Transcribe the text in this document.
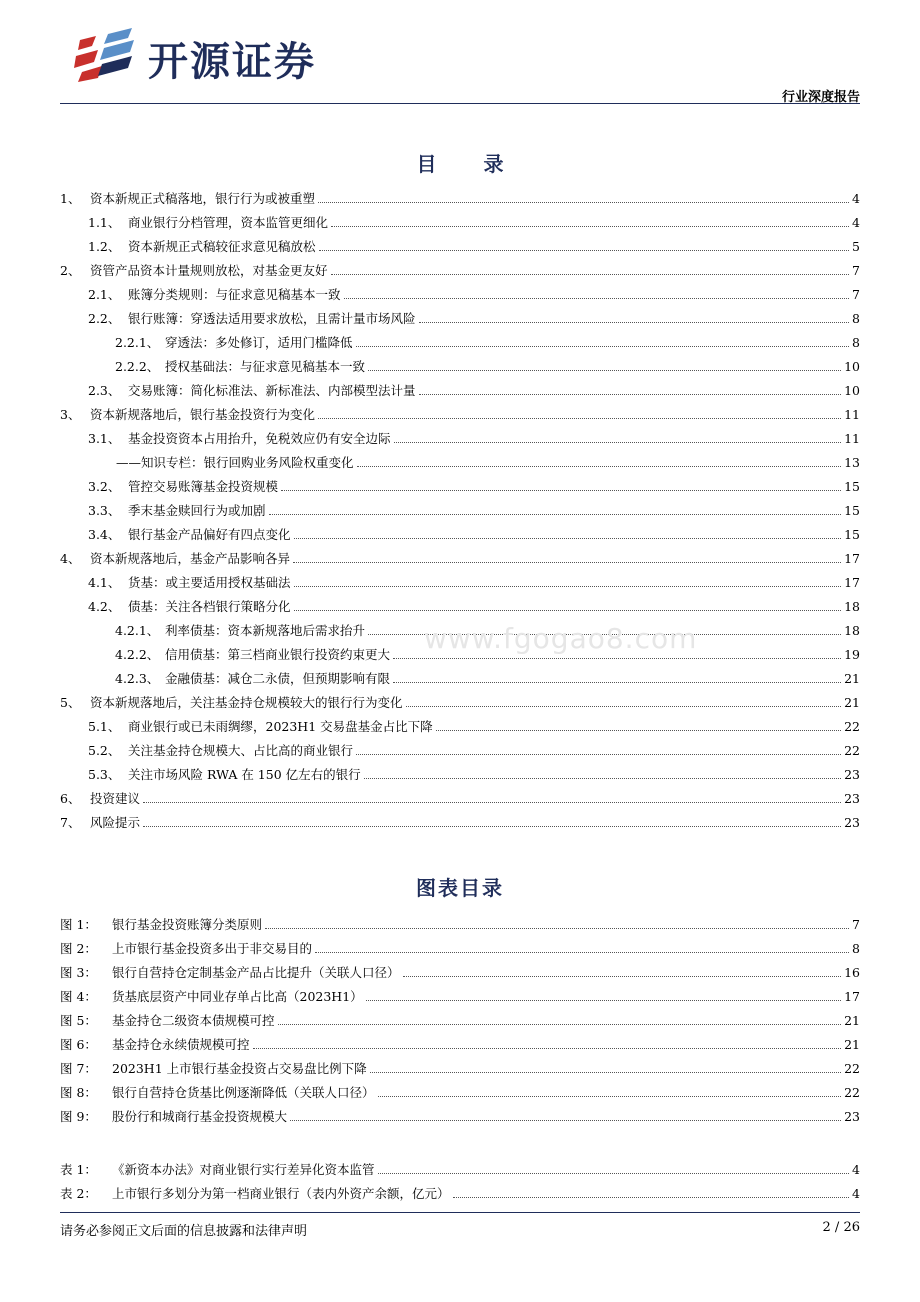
开源证券
行业深度报告
目 录
1、 资本新规正式稿落地，银行行为或被重塑	4
1.1、 商业银行分档管理，资本监管更细化	4
1.2、 资本新规正式稿较征求意见稿放松	5
2、 资管产品资本计量规则放松，对基金更友好	7
2.1、 账簿分类规则：与征求意见稿基本一致	7
2.2、 银行账簿：穿透法适用要求放松，且需计量市场风险	8
2.2.1、 穿透法：多处修订，适用门槛降低	8
2.2.2、 授权基础法：与征求意见稿基本一致	10
2.3、 交易账簿：简化标准法、新标准法、内部模型法计量	10
3、 资本新规落地后，银行基金投资行为变化	11
3.1、 基金投资资本占用抬升，免税效应仍有安全边际	11
——知识专栏：银行回购业务风险权重变化	13
3.2、 管控交易账簿基金投资规模	15
3.3、 季末基金赎回行为或加剧	15
3.4、 银行基金产品偏好有四点变化	15
4、 资本新规落地后，基金产品影响各异	17
4.1、 货基：或主要适用授权基础法	17
4.2、 债基：关注各档银行策略分化	18
4.2.1、 利率债基：资本新规落地后需求抬升	18
4.2.2、 信用债基：第三档商业银行投资约束更大	19
4.2.3、 金融债基：减仓二永债，但预期影响有限	21
5、 资本新规落地后，关注基金持仓规模较大的银行行为变化	21
5.1、 商业银行或已未雨绸缪，2023H1 交易盘基金占比下降	22
5.2、 关注基金持仓规模大、占比高的商业银行	22
5.3、 关注市场风险 RWA 在 150 亿左右的银行	23
6、 投资建议	23
7、 风险提示	23
www.fgogao8.com
图表目录
图 1：	银行基金投资账簿分类原则	7
图 2：	上市银行基金投资多出于非交易目的	8
图 3：	银行自营持仓定制基金产品占比提升（关联人口径）	16
图 4：	货基底层资产中同业存单占比高（2023H1）	17
图 5：	基金持仓二级资本债规模可控	21
图 6：	基金持仓永续债规模可控	21
图 7：	2023H1 上市银行基金投资占交易盘比例下降	22
图 8：	银行自营持仓货基比例逐渐降低（关联人口径）	22
图 9：	股份行和城商行基金投资规模大	23
表 1：	《新资本办法》对商业银行实行差异化资本监管	4
表 2：	上市银行多划分为第一档商业银行（表内外资产余额，亿元）	4
请务必参阅正文后面的信息披露和法律声明	2 / 26
